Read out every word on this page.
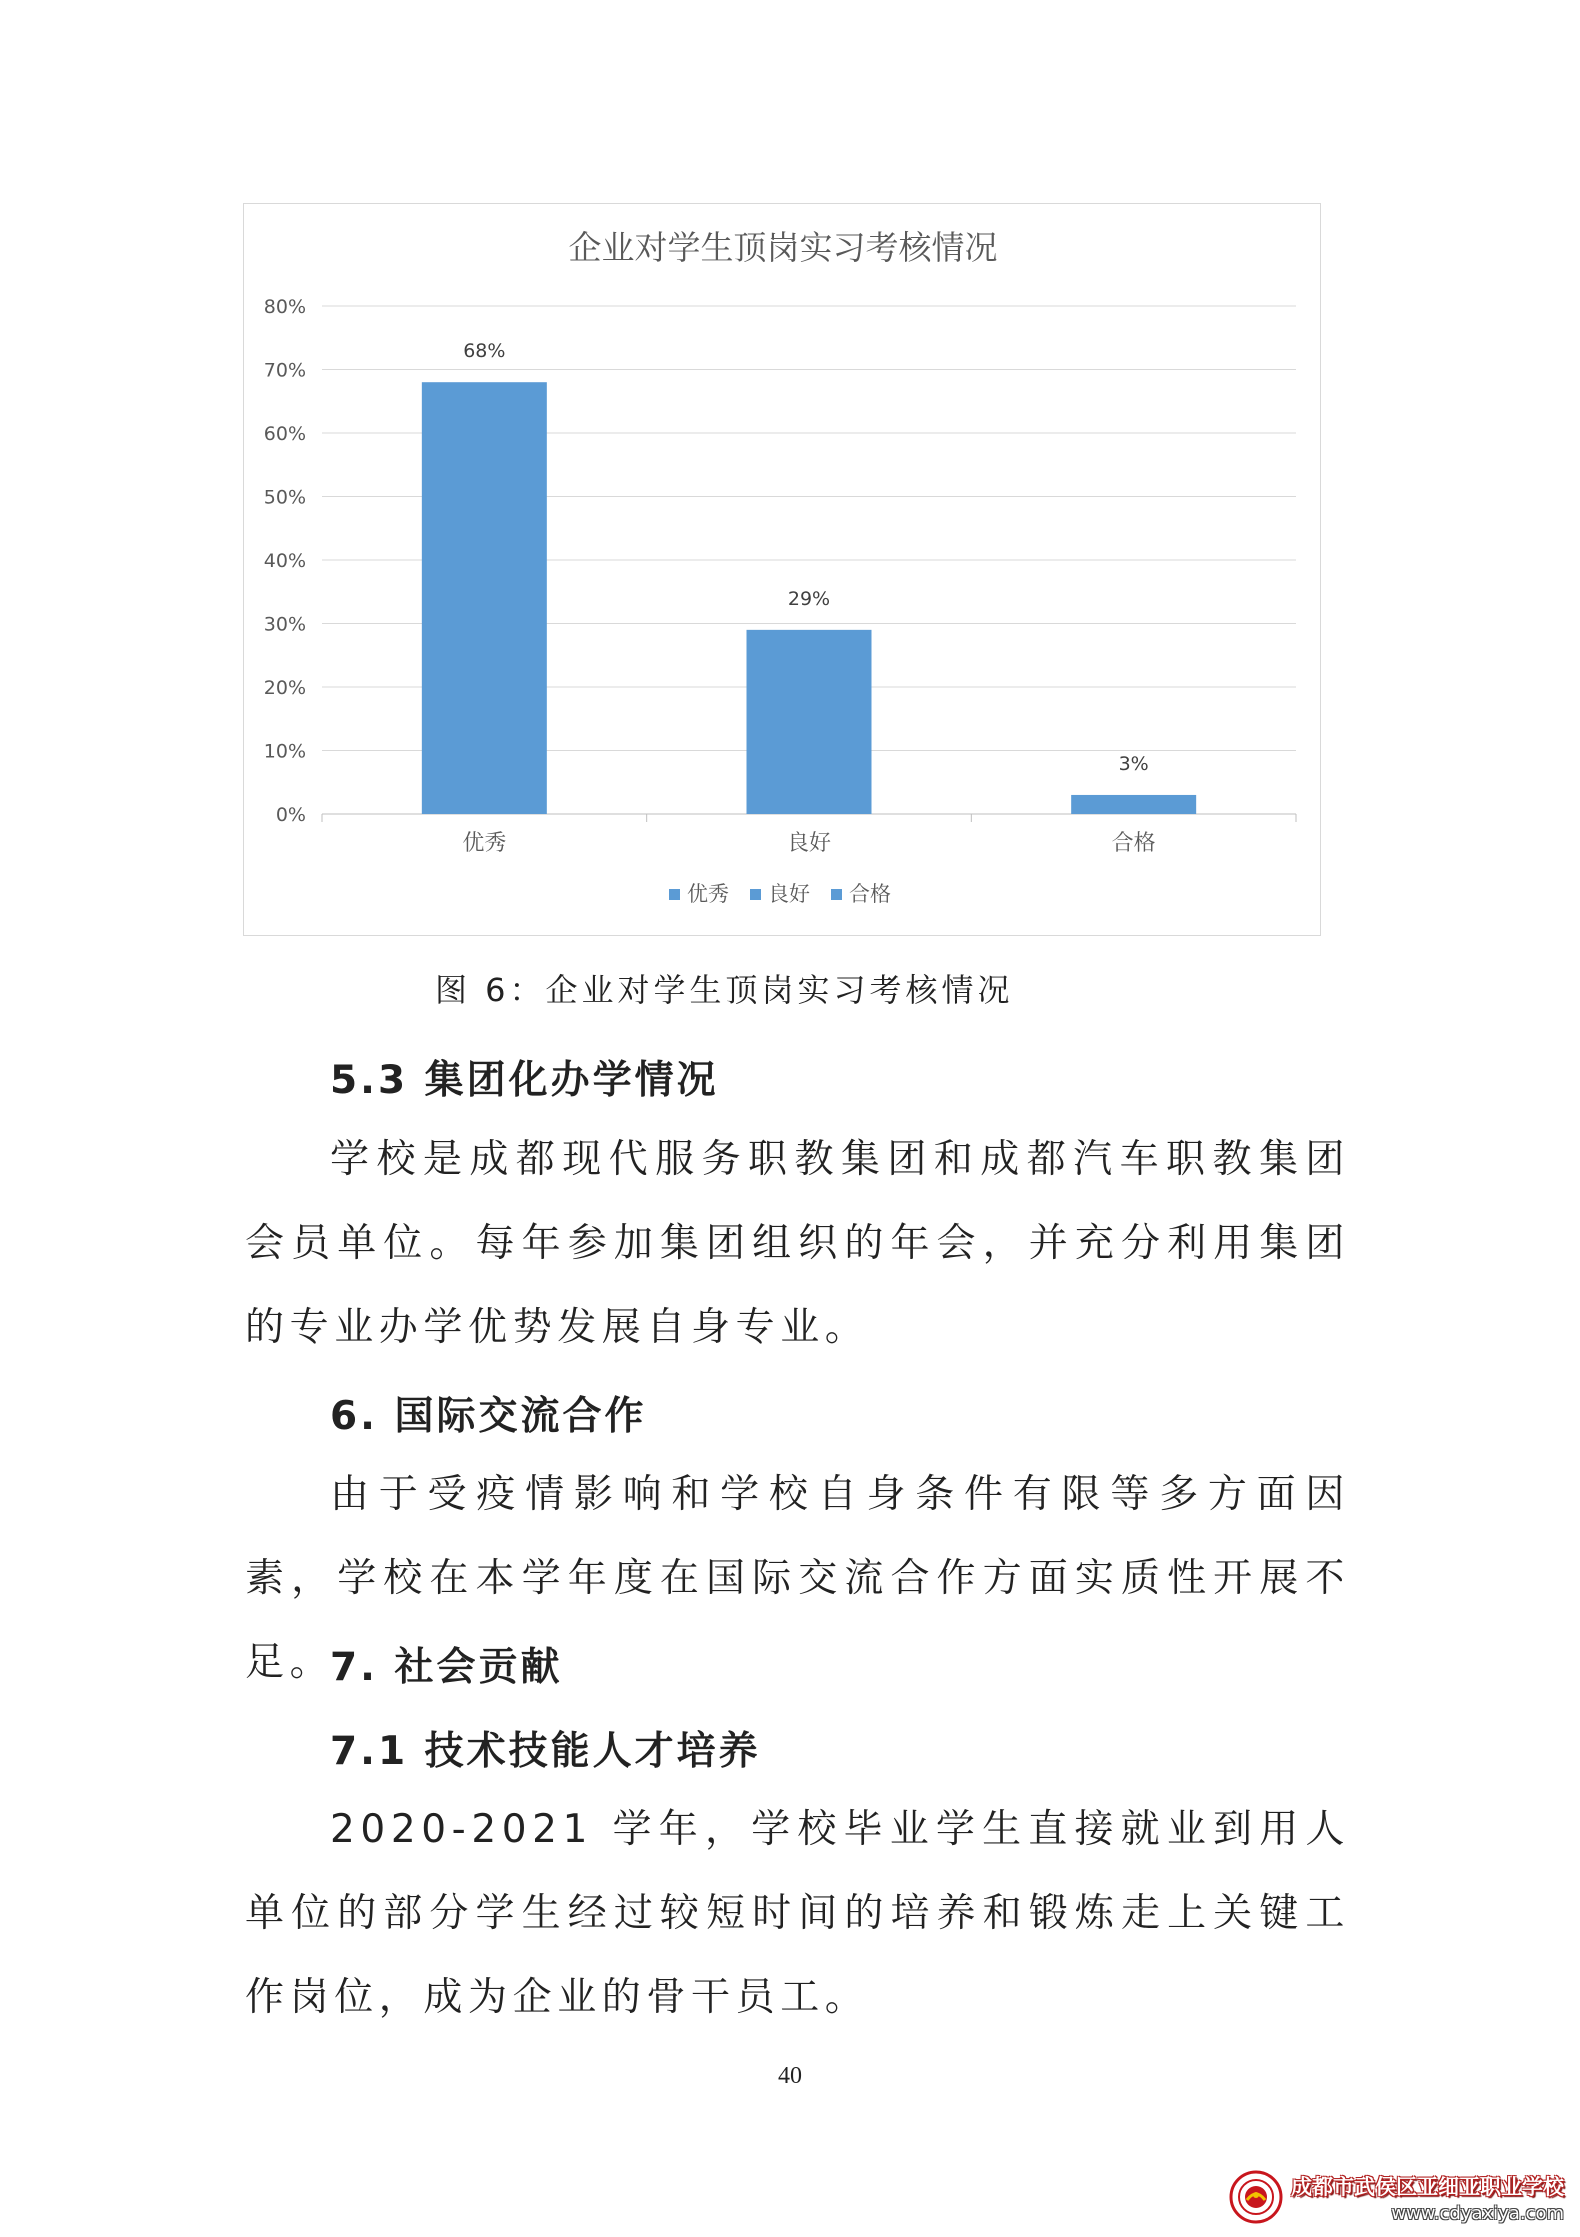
企业对学生顶岗实习考核情况
0%
10%
20%
30%
40%
50%
60%
70%
80%
68%
优秀
29%
良好
3%
合格
优秀 良好 合格
图 6：企业对学生顶岗实习考核情况
5.3 集团化办学情况
学校是成都现代服务职教集团和成都汽车职教集团会员单位。每年参加集团组织的年会，并充分利用集团的专业办学优势发展自身专业。
6. 国际交流合作
由于受疫情影响和学校自身条件有限等多方面因素，学校在本学年度在国际交流合作方面实质性开展不足。
7. 社会贡献
7.1 技术技能人才培养
2020-2021 学年，学校毕业学生直接就业到用人单位的部分学生经过较短时间的培养和锻炼走上关键工作岗位，成为企业的骨干员工。
40
成都市武侯区亚细亚职业学校
www.cdyaxiya.com
